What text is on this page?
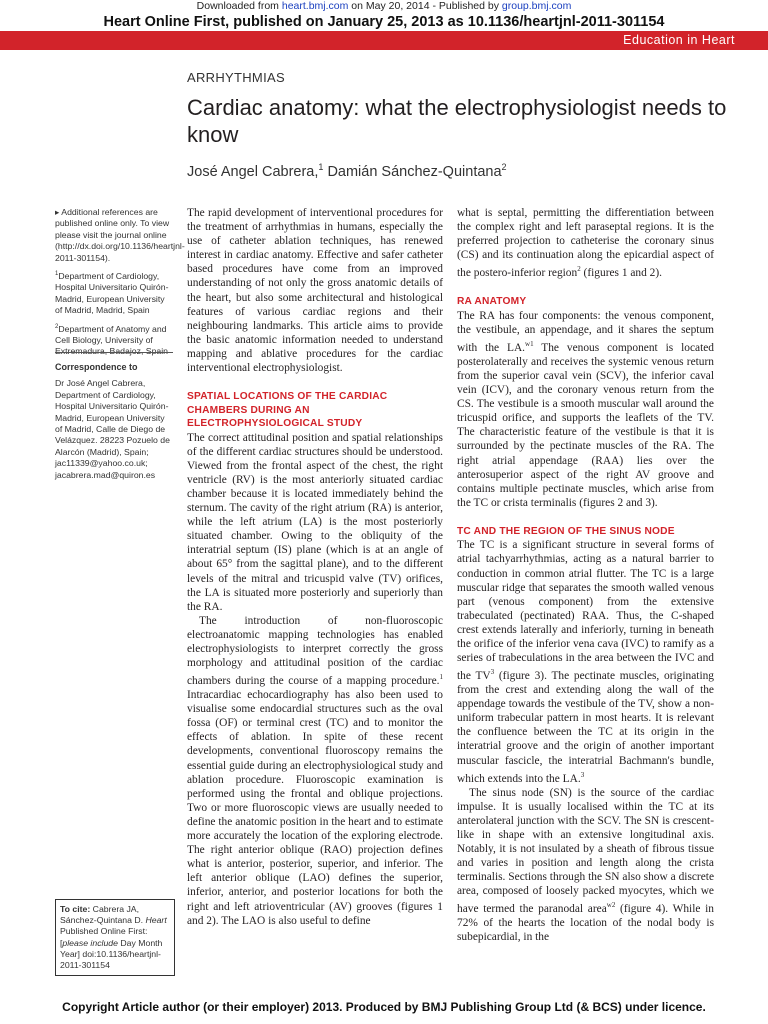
Downloaded from heart.bmj.com on May 20, 2014 - Published by group.bmj.com
Heart Online First, published on January 25, 2013 as 10.1136/heartjnl-2011-301154
Education in Heart
ARRHYTHMIAS
Cardiac anatomy: what the electrophysiologist needs to know
José Angel Cabrera,$^1$ Damián Sánchez-Quintana$^2$

▸ Additional references are published online only. To view please visit the journal online (http://dx.doi.org/10.1136/heartjnl-2011-301154).

$^1$Department of Cardiology, Hospital Universitario Quirón-Madrid, European University of Madrid, Madrid, Spain

$^2$Department of Anatomy and Cell Biology, University of Extremadura, Badajoz, Spain

Correspondence to

Dr José Angel Cabrera, Department of Cardiology, Hospital Universitario Quirón-Madrid, European University of Madrid, Calle de Diego de Velázquez. 28223 Pozuelo de Alarcón (Madrid), Spain; jac11339@yahoo.co.uk; jacabrera.mad@quiron.es

To cite: Cabrera JA, Sánchez-Quintana D. Heart Published Online First: [please include Day Month Year] doi:10.1136/heartjnl-2011-301154

The rapid development of interventional procedures for the treatment of arrhythmias in humans, especially the use of catheter ablation techniques, has renewed interest in cardiac anatomy. Effective and safer catheter based procedures have come from an improved understanding of not only the gross anatomic details of the heart, but also some architectural and histological features of various cardiac regions and their neighbouring landmarks. This article aims to provide the basic anatomic information needed to understand mapping and ablative procedures for the cardiac interventional electrophysiologist.

SPATIAL LOCATIONS OF THE CARDIAC CHAMBERS DURING AN ELECTROPHYSIOLOGICAL STUDY

The correct attitudinal position and spatial relationships of the different cardiac structures should be understood. Viewed from the frontal aspect of the chest, the right ventricle (RV) is the most anteriorly situated cardiac chamber because it is located immediately behind the sternum. The cavity of the right atrium (RA) is anterior, while the left atrium (LA) is the most posteriorly situated chamber. Owing to the obliquity of the interatrial septum (IS) plane (which is at an angle of about 65° from the sagittal plane), and to the different levels of the mitral and tricuspid valve (TV) orifices, the LA is situated more posteriorly and superiorly than the RA.

The introduction of non-fluoroscopic electroanatomic mapping technologies has enabled electrophysiologists to interpret correctly the gross morphology and attitudinal position of the cardiac chambers during the course of a mapping procedure.$^1$ Intracardiac echocardiography has also been used to visualise some endocardial structures such as the oval fossa (OF) or terminal crest (TC) and to monitor the effects of ablation. In spite of these recent developments, conventional fluoroscopy remains the essential guide during an electrophysiological study and ablation procedure. Fluoroscopic examination is performed using the frontal and oblique projections. Two or more fluoroscopic views are usually needed to define the anatomic position in the heart and to estimate more accurately the location of the exploring electrode. The right anterior oblique (RAO) projection defines what is anterior, posterior, superior, and inferior. The left anterior oblique (LAO) defines the superior, inferior, anterior, and posterior locations for both the right and left atrioventricular (AV) grooves (figures 1 and 2). The LAO is also useful to define

what is septal, permitting the differentiation between the complex right and left paraseptal regions. It is the preferred projection to catheterise the coronary sinus (CS) and its continuation along the epicardial aspect of the postero-inferior region$^2$ (figures 1 and 2).

RA ANATOMY

The RA has four components: the venous component, the vestibule, an appendage, and it shares the septum with the LA.$^{w1}$ The venous component is located posterolaterally and receives the systemic venous return from the superior caval vein (SCV), the inferior caval vein (ICV), and the coronary venous return from the CS. The vestibule is a smooth muscular wall around the tricuspid orifice, and supports the leaflets of the TV. The characteristic feature of the vestibule is that it is surrounded by the pectinate muscles of the RA. The right atrial appendage (RAA) lies over the anterosuperior aspect of the right AV groove and contains multiple pectinate muscles, which arise from the TC or crista terminalis (figures 2 and 3).

TC AND THE REGION OF THE SINUS NODE

The TC is a significant structure in several forms of atrial tachyarrhythmias, acting as a natural barrier to conduction in common atrial flutter. The TC is a large muscular ridge that separates the smooth walled venous part (venous component) from the extensive trabeculated (pectinated) RAA. Thus, the C-shaped crest extends laterally and inferiorly, turning in beneath the orifice of the inferior vena cava (IVC) to ramify as a series of trabeculations in the area between the IVC and the $TV^3$ (figure 3). The pectinate muscles, originating from the crest and extending along the wall of the appendage towards the vestibule of the TV, show a non-uniform trabecular pattern in most hearts. It is relevant the confluence between the TC at its origin in the interatrial groove and the origin of another important muscular fascicle, the interatrial Bachmann's bundle, which extends into the LA.$^3$

The sinus node (SN) is the source of the cardiac impulse. It is usually localised within the TC at its anterolateral junction with the SCV. The SN is crescent-like in shape with an extensive longitudinal axis. Notably, it is not insulated by a sheath of fibrous tissue and varies in position and length along the crista terminalis. Sections through the SN also show a discrete area, composed of loosely packed myocytes, which we have termed the paranodal area$^{w2}$ (figure 4). While in 72% of the hearts the location of the nodal body is subepicardial, in the

Copyright Article author (or their employer) 2013. Produced by BMJ Publishing Group Ltd (& BCS) under licence.
